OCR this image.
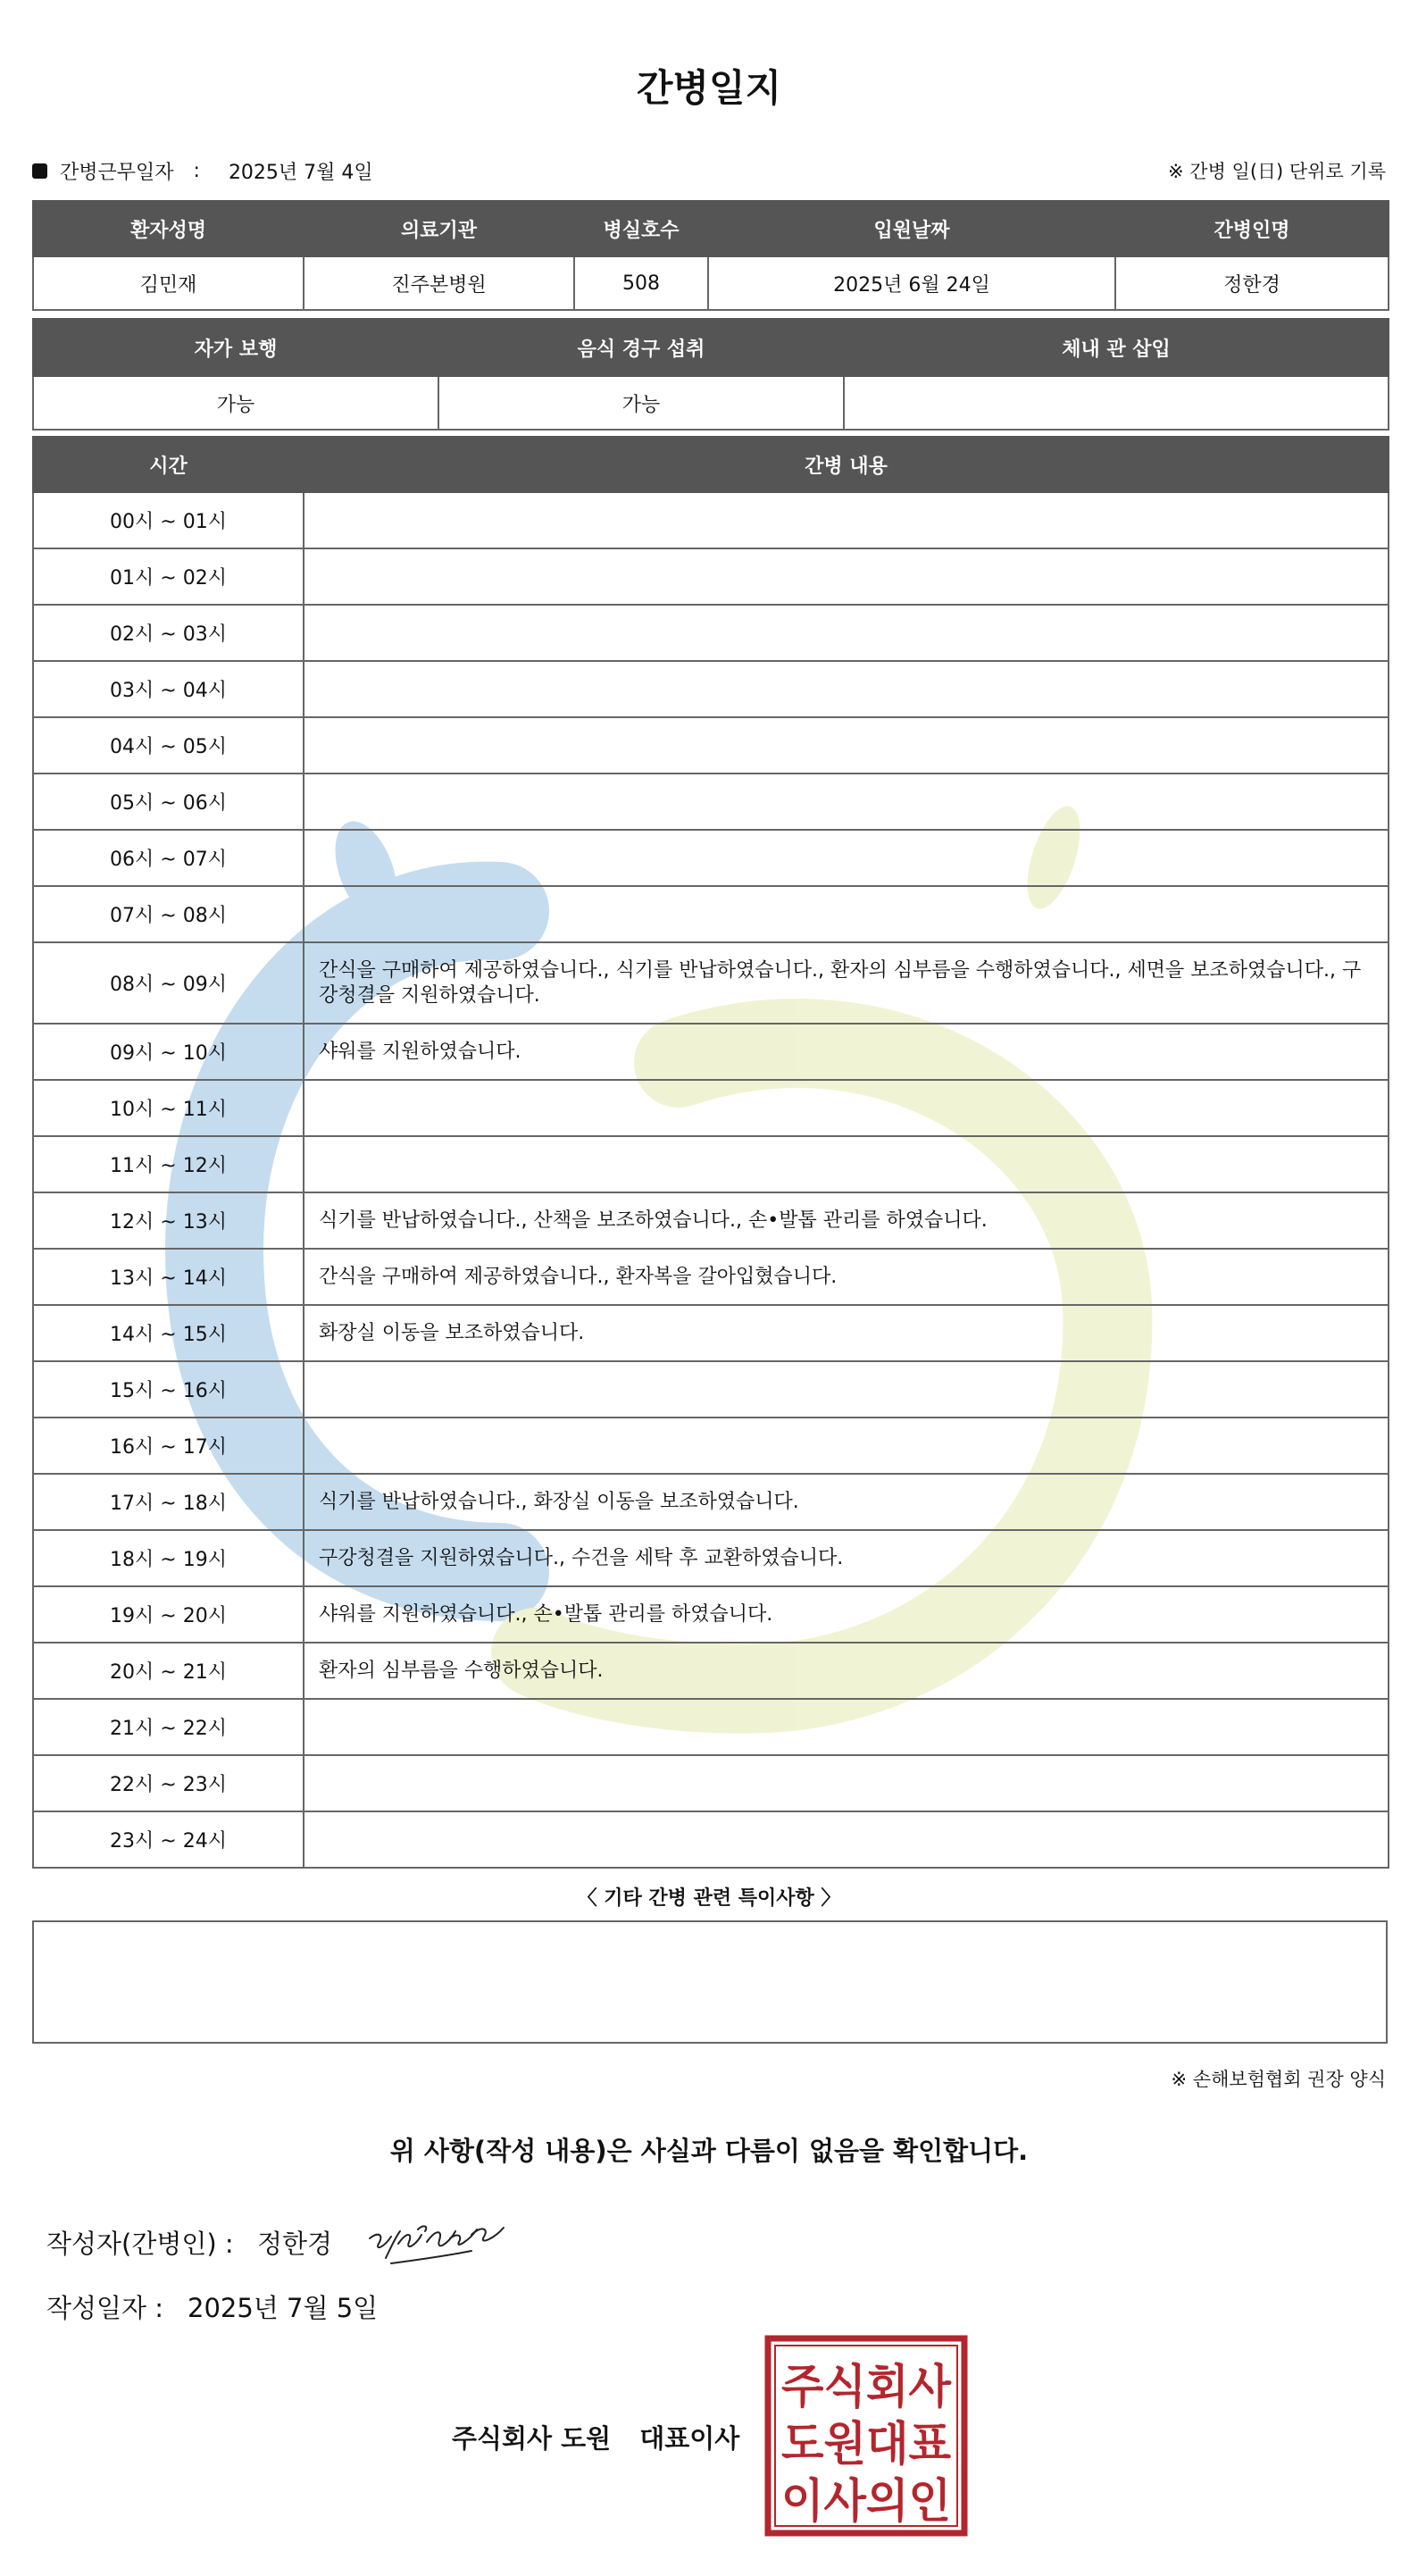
간병일지
간병근무일자 : 2025년 7월 4일	※ 간병 일(日) 단위로 기록
환자성명	의료기관	병실호수	입원날짜	간병인명
김민재	진주본병원	508	2025년 6월 24일	정한경
자가 보행	음식 경구 섭취	체내 관 삽입
가능	가능	
시간	간병 내용
00시 ~ 01시	
01시 ~ 02시	
02시 ~ 03시	
03시 ~ 04시	
04시 ~ 05시	
05시 ~ 06시	
06시 ~ 07시	
07시 ~ 08시	
08시 ~ 09시	간식을 구매하여 제공하였습니다., 식기를 반납하였습니다., 환자의 심부름을 수행하였습니다., 세면을 보조하였습니다., 구강청결을 지원하였습니다.
09시 ~ 10시	샤워를 지원하였습니다.
10시 ~ 11시	
11시 ~ 12시	
12시 ~ 13시	식기를 반납하였습니다., 산책을 보조하였습니다., 손•발톱 관리를 하였습니다.
13시 ~ 14시	간식을 구매하여 제공하였습니다., 환자복을 갈아입혔습니다.
14시 ~ 15시	화장실 이동을 보조하였습니다.
15시 ~ 16시	
16시 ~ 17시	
17시 ~ 18시	식기를 반납하였습니다., 화장실 이동을 보조하였습니다.
18시 ~ 19시	구강청결을 지원하였습니다., 수건을 세탁 후 교환하였습니다.
19시 ~ 20시	샤워를 지원하였습니다., 손•발톱 관리를 하였습니다.
20시 ~ 21시	환자의 심부름을 수행하였습니다.
21시 ~ 22시	
22시 ~ 23시	
23시 ~ 24시	
〈 기타 간병 관련 특이사항 〉
※ 손해보험협회 권장 양식
위 사항(작성 내용)은 사실과 다름이 없음을 확인합니다.
작성자(간병인) : 정한경
작성일자 : 2025년 7월 5일
주식회사 도원 대표이사
주식회사
도원대표
이사의인
